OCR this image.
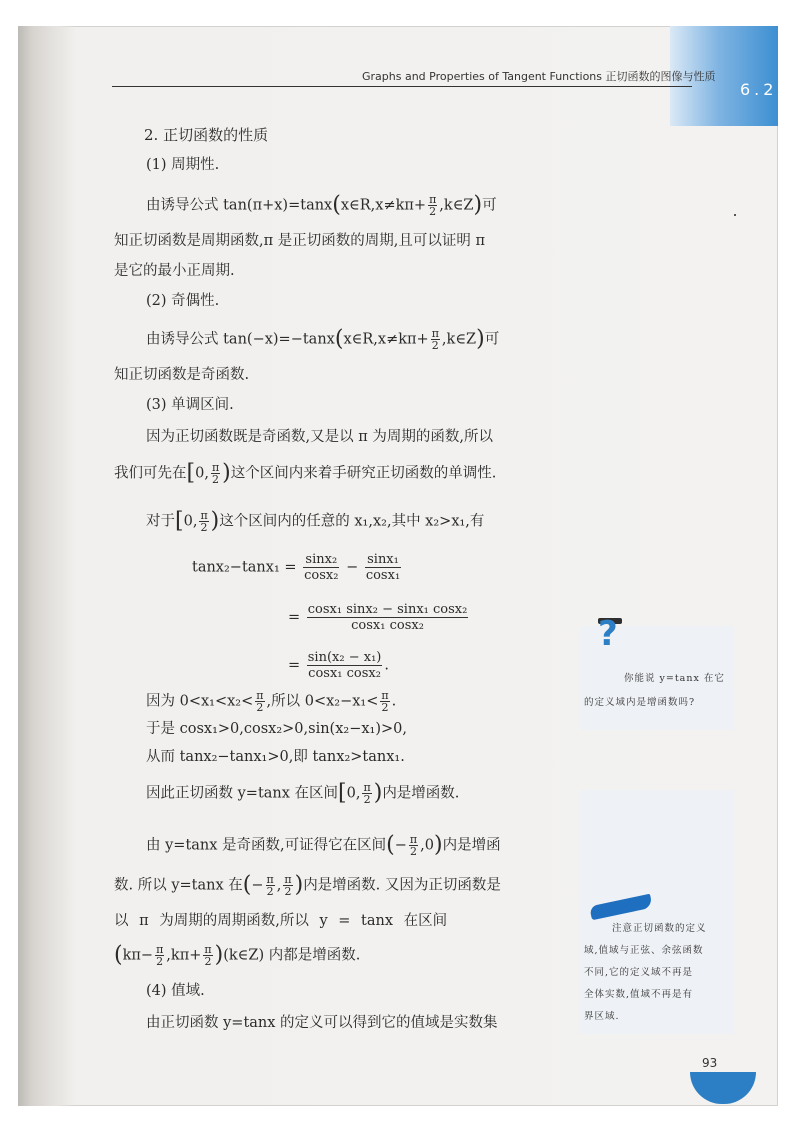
6.2
Graphs and Properties of Tangent Functions 正切函数的图像与性质
2. 正切函数的性质
(1) 周期性.
由诱导公式 tan(π+x)=tanx(x∈R,x≠kπ+ $\frac{\pi}{2}$ ,k∈Z)可
知正切函数是周期函数,π 是正切函数的周期,且可以证明 π
是它的最小正周期.
(2) 奇偶性.
由诱导公式 tan(−x)=−tanx(x∈R,x≠kπ+ $\frac{\pi}{2}$ ,k∈Z)可
知正切函数是奇函数.
(3) 单调区间.
因为正切函数既是奇函数,又是以 π 为周期的函数,所以
我们可先在[0, $\frac{\pi}{2}$ )这个区间内来着手研究正切函数的单调性.
对于[0, $\frac{\pi}{2}$ )这个区间内的任意的 x₁,x₂,其中 x₂>x₁,有
$\tan x_2-\tan x_1 = \frac{\text{sinx₂}}{\text{cosx₂}} - \frac{\text{sinx₁}}{\text{cosx₁}}$
= $\frac{\text{cosx₁ sinx₂ − sinx₁ cosx₂}}{\text{cosx₁ cosx₂}}$
= $\frac{\text{sin(x₂ − x₁)}}{\text{cosx₁ cosx₂}}$ .
因为 $0<x_1<x_2< \frac{\pi}{2}$ ,所以 $0<x_2-x_1< \frac{\pi}{2}$ .
于是 cosx₁>0,cosx₂>0,sin(x₂−x₁)>0,
从而 tanx₂−tanx₁>0,即 tanx₂>tanx₁.
因此正切函数 y=tanx 在区间[0, $\frac{\pi}{2}$ )内是增函数.
由 y=tanx 是奇函数,可证得它在区间(− $\frac{\pi}{2} ,0$)内是增函
数. 所以 y=tanx 在(− $\frac{\pi}{2}$ , $\frac{\pi}{2}$ )内是增函数. 又因为正切函数是
以 π 为周期的周期函数,所以 y = tanx 在区间
($k\pi- \frac{\pi}{2} ,k\pi+ \frac{\pi}{2}$ )(k∈Z) 内都是增函数.
(4) 值域.
由正切函数 y=tanx 的定义可以得到它的值域是实数集
?
你能说 y=tanx 在它
的定义域内是增函数吗?
注意正切函数的定义
域,值域与正弦、余弦函数
不同,它的定义域不再是
全体实数,值域不再是有
界区域.
93
